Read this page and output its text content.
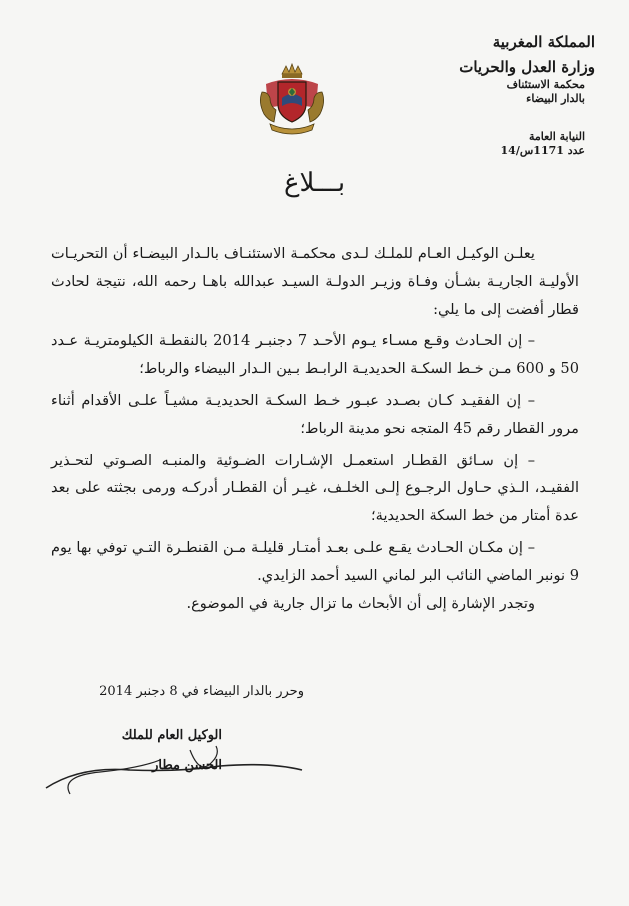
المملكة المغربية
وزارة العدل والحريات
محكمة الاستئناف
بالدار البيضاء
النيابة العامة
عدد 1171س/14
بـــلاغ

يعلـن الوكيـل العـام للملـك لـدى محكمـة الاستئنـاف بالـدار البيضـاء أن التحريـات الأوليـة الجاريـة بشـأن وفـاة وزيـر الدولـة السيـد عبدالله باهـا رحمه الله، نتيجة لحادث قطار أفضت إلى ما يلي:

– إن الحـادث وقـع مسـاء يـوم الأحـد 7 دجنبـر 2014 بالنقطـة الكيلومتريـة عـدد 50 و 600 مـن خـط السكـة الحديديـة الرابـط بـين الـدار البيضاء والرباط؛

– إن الفقيـد كـان بصـدد عبـور خـط السكـة الحديديـة مشيـاً علـى الأقدام أثناء مرور القطار رقم 45 المتجه نحو مدينة الرباط؛

– إن سـائق القطـار استعمـل الإشـارات الضـوئية والمنبـه الصـوتي لتحـذير الفقيـد، الـذي حـاول الرجـوع إلـى الخلـف، غيـر أن القطـار أدركـه ورمى بجثته على بعد عدة أمتار من خط السكة الحديدية؛

– إن مكـان الحـادث يقـع علـى بعـد أمتـار قليلـة مـن القنطـرة التـي توفي بها يوم 9 نونبر الماضي النائب البر لماني السيد أحمد الزايدي.

وتجدر الإشارة إلى أن الأبحاث ما تزال جارية في الموضوع.

وحرر بالدار البيضاء في 8 دجنبر 2014
الوكيل العام للملك
الحسن مطار
